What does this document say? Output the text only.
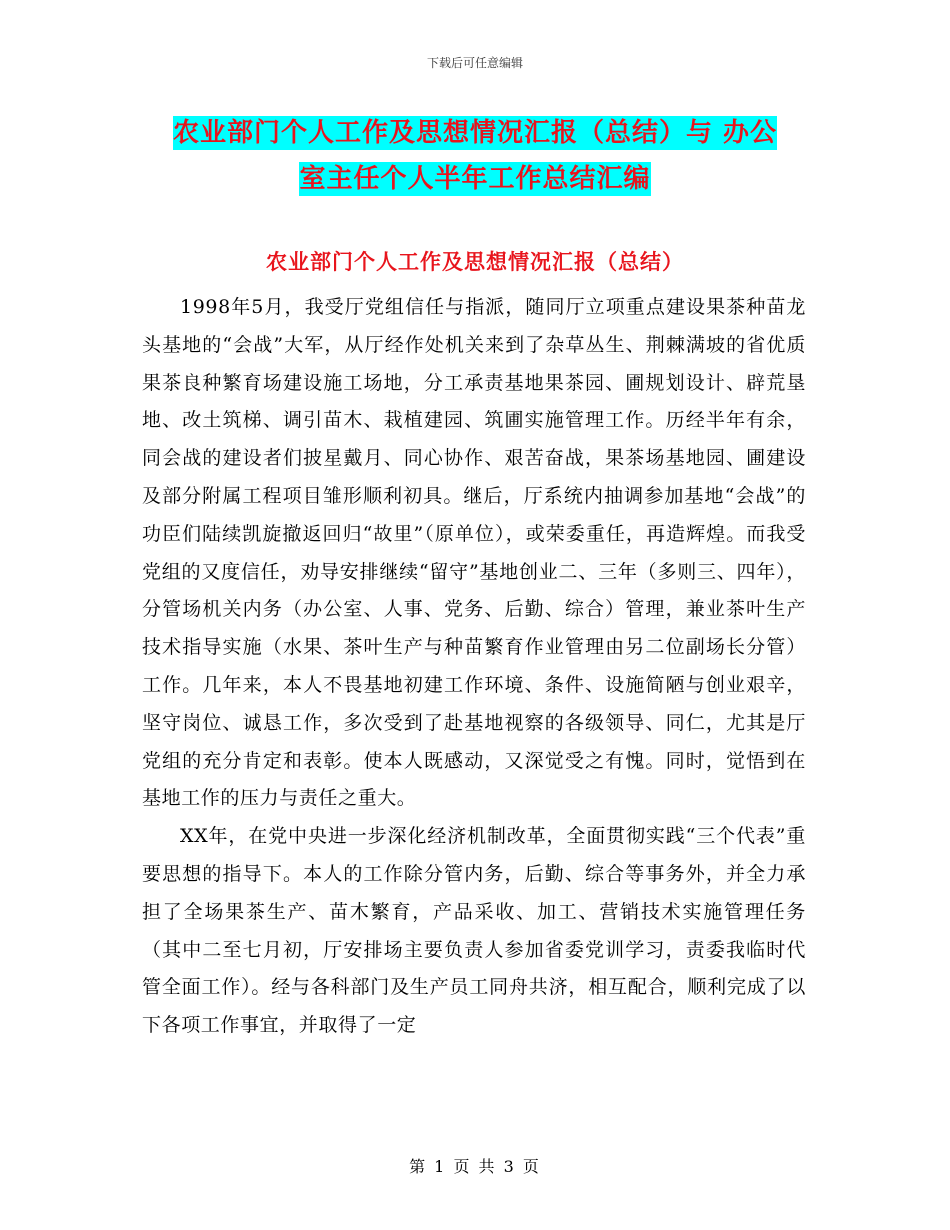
下载后可任意编辑
农业部门个人工作及思想情况汇报（总结）与 办公
室主任个人半年工作总结汇编
农业部门个人工作及思想情况汇报（总结）

1998年5月，我受厅党组信任与指派，随同厅立项重点建设果茶种苗龙头基地的“会战”大军，从厅经作处机关来到了杂草丛生、荆棘满坡的省优质果茶良种繁育场建设施工场地，分工承责基地果茶园、圃规划设计、辟荒垦地、改土筑梯、调引苗木、栽植建园、筑圃实施管理工作。历经半年有余，同会战的建设者们披星戴月、同心协作、艰苦奋战，果茶场基地园、圃建设及部分附属工程项目雏形顺利初具。继后，厅系统内抽调参加基地“会战”的功臣们陆续凯旋撤返回归“故里”（原单位），或荣委重任，再造辉煌。而我受党组的又度信任，劝导安排继续“留守”基地创业二、三年（多则三、四年），分管场机关内务（办公室、人事、党务、后勤、综合）管理，兼业茶叶生产技术指导实施（水果、茶叶生产与种苗繁育作业管理由另二位副场长分管）工作。几年来，本人不畏基地初建工作环境、条件、设施简陋与创业艰辛，坚守岗位、诚恳工作，多次受到了赴基地视察的各级领导、同仁，尤其是厅党组的充分肯定和表彰。使本人既感动，又深觉受之有愧。同时，觉悟到在基地工作的压力与责任之重大。

XX年，在党中央进一步深化经济机制改革，全面贯彻实践“三个代表”重要思想的指导下。本人的工作除分管内务，后勤、综合等事务外，并全力承担了全场果茶生产、苗木繁育，产品采收、加工、营销技术实施管理任务（其中二至七月初，厅安排场主要负责人参加省委党训学习，责委我临时代管全面工作）。经与各科部门及生产员工同舟共济，相互配合，顺利完成了以下各项工作事宜，并取得了一定

第 1 页 共 3 页
